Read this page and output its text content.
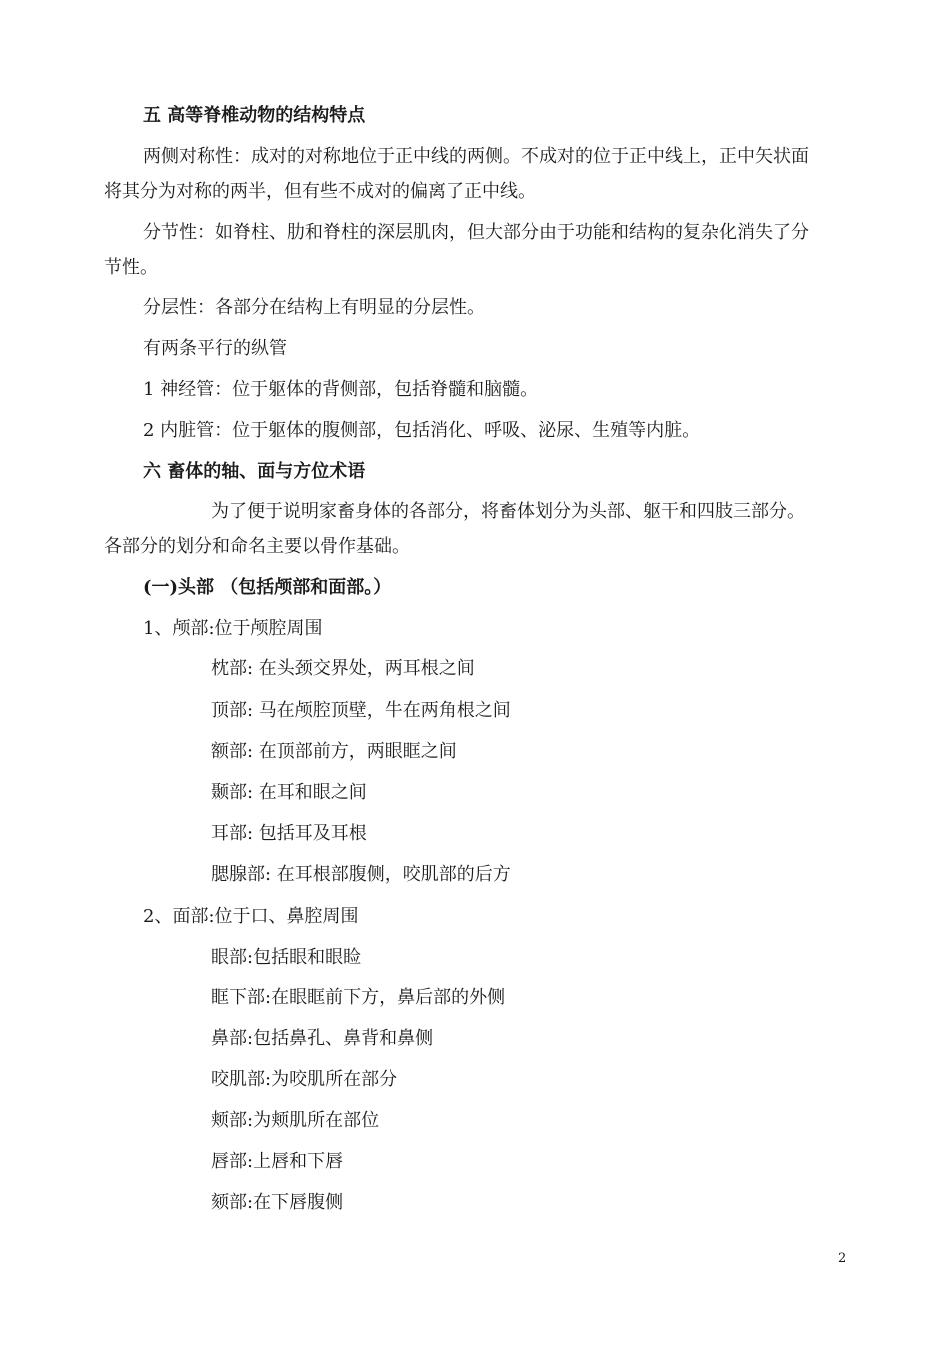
五 高等脊椎动物的结构特点
两侧对称性：成对的对称地位于正中线的两侧。不成对的位于正中线上，正中矢状面
将其分为对称的两半，但有些不成对的偏离了正中线。
分节性：如脊柱、肋和脊柱的深层肌肉，但大部分由于功能和结构的复杂化消失了分
节性。
分层性：各部分在结构上有明显的分层性。
有两条平行的纵管
1 神经管：位于躯体的背侧部，包括脊髓和脑髓。
2 内脏管：位于躯体的腹侧部，包括消化、呼吸、泌尿、生殖等内脏。
六 畜体的轴、面与方位术语
为了便于说明家畜身体的各部分，将畜体划分为头部、躯干和四肢三部分。
各部分的划分和命名主要以骨作基础。
(一)头部 （包括颅部和面部。）
1、颅部:位于颅腔周围
枕部: 在头颈交界处，两耳根之间
顶部: 马在颅腔顶壁，牛在两角根之间
额部: 在顶部前方，两眼眶之间
颞部: 在耳和眼之间
耳部: 包括耳及耳根
腮腺部: 在耳根部腹侧，咬肌部的后方
2、面部:位于口、鼻腔周围
眼部:包括眼和眼睑
眶下部:在眼眶前下方，鼻后部的外侧
鼻部:包括鼻孔、鼻背和鼻侧
咬肌部:为咬肌所在部分
颊部:为颊肌所在部位
唇部:上唇和下唇
颏部:在下唇腹侧
2
